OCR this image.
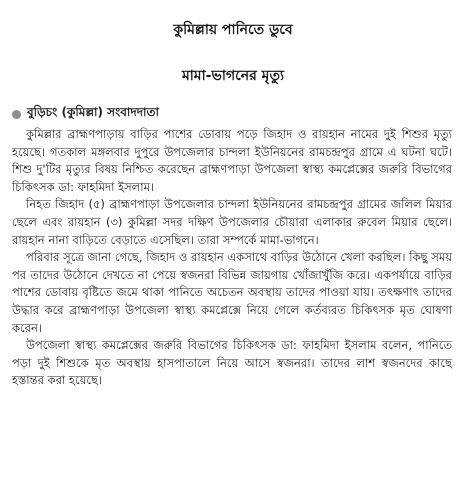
কুমিল্লায় পানিতে ডুবে
মামা-ভাগনের মৃত্যু
বুড়িচং (কুমিল্লা) সংবাদদাতা

কুমিল্লার ব্রাহ্মণপাড়ায় বাড়ির পাশের ডোবায় পড়ে জিহাদ ও রায়হান নামের দুই শিশুর মৃত্যু হয়েছে। গতকাল মঙ্গলবার দুপুরে উপজেলার চান্দলা ইউনিয়নের রামচন্দ্রপুর গ্রামে এ ঘটনা ঘটে। শিশু দু'টির মৃত্যুর বিষয় নিশ্চিত করেছেন ব্রাহ্মণপাড়া উপজেলা স্বাস্থ্য কমপ্লেক্সের জরুরি বিভাগের চিকিৎসক ডা: ফাহমিদা ইসলাম।

নিহত জিহাদ (৫) ব্রাহ্মণপাড়া উপজেলার চান্দলা ইউনিয়নের রামচন্দ্রপুর গ্রামের জলিল মিয়ার ছেলে এবং রায়হান (৩) কুমিল্লা সদর দক্ষিণ উপজেলার চৌয়ারা এলাকার রুবেল মিয়ার ছেলে। রায়হান নানা বাড়িতে বেড়াতে এসেছিল। তারা সম্পর্কে মামা-ভাগনে।

পরিবার সূত্রে জানা গেছে, জিহাদ ও রায়হান একসাথে বাড়ির উঠোনে খেলা করছিল। কিছু সময় পর তাদের উঠোনে দেখতে না পেয়ে স্বজনরা বিভিন্ন জায়গায় খোঁজাখুঁজি করে। একপর্যায়ে বাড়ির পাশের ডোবায় বৃষ্টিতে জমে থাকা পানিতে অচেতন অবস্থায় তাদের পাওয়া যায়। তৎক্ষণাৎ তাদের উদ্ধার করে ব্রাহ্মণপাড়া উপজেলা স্বাস্থ্য কমপ্লেক্সে নিয়ে গেলে কর্তব্যরত চিকিৎসক মৃত ঘোষণা করেন।

উপজেলা স্বাস্থ্য কমপ্লেক্সের জরুরি বিভাগের চিকিৎসক ডা: ফাহমিদা ইসলাম বলেন, পানিতে পড়া দুই শিশুকে মৃত অবস্থায় হাসপাতালে নিয়ে আসে স্বজনরা। তাদের লাশ স্বজনদের কাছে হস্তান্তর করা হয়েছে।
